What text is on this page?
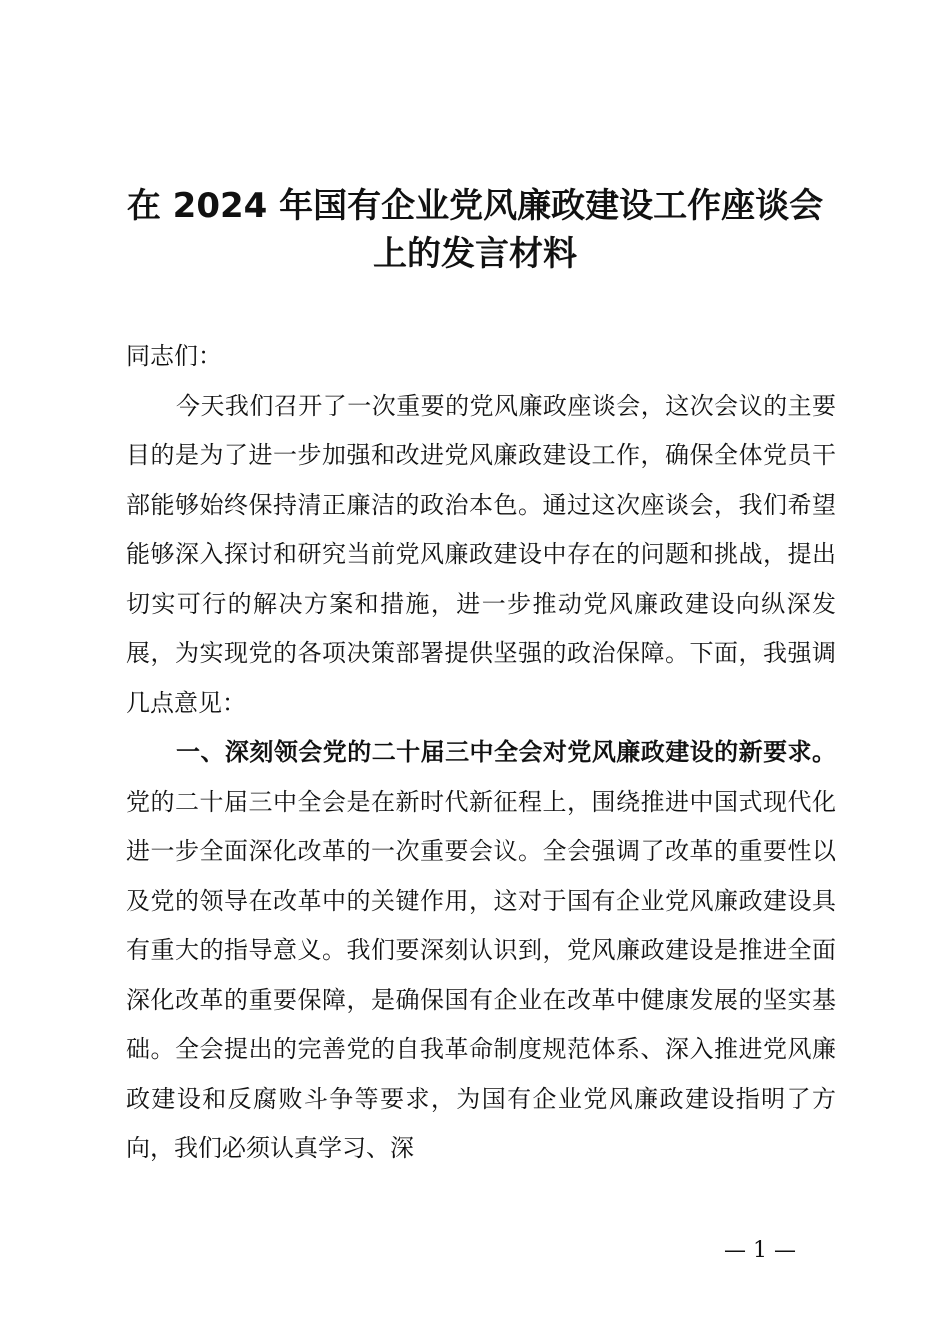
在 2024 年国有企业党风廉政建设工作座谈会
上的发言材料

同志们：

今天我们召开了一次重要的党风廉政座谈会，这次会议的主要目的是为了进一步加强和改进党风廉政建设工作，确保全体党员干部能够始终保持清正廉洁的政治本色。通过这次座谈会，我们希望能够深入探讨和研究当前党风廉政建设中存在的问题和挑战，提出切实可行的解决方案和措施，进一步推动党风廉政建设向纵深发展，为实现党的各项决策部署提供坚强的政治保障。下面，我强调几点意见：

一、深刻领会党的二十届三中全会对党风廉政建设的新要求。党的二十届三中全会是在新时代新征程上，围绕推进中国式现代化进一步全面深化改革的一次重要会议。全会强调了改革的重要性以及党的领导在改革中的关键作用，这对于国有企业党风廉政建设具有重大的指导意义。我们要深刻认识到，党风廉政建设是推进全面深化改革的重要保障，是确保国有企业在改革中健康发展的坚实基础。全会提出的完善党的自我革命制度规范体系、深入推进党风廉政建设和反腐败斗争等要求，为国有企业党风廉政建设指明了方向，我们必须认真学习、深

— 1 —
